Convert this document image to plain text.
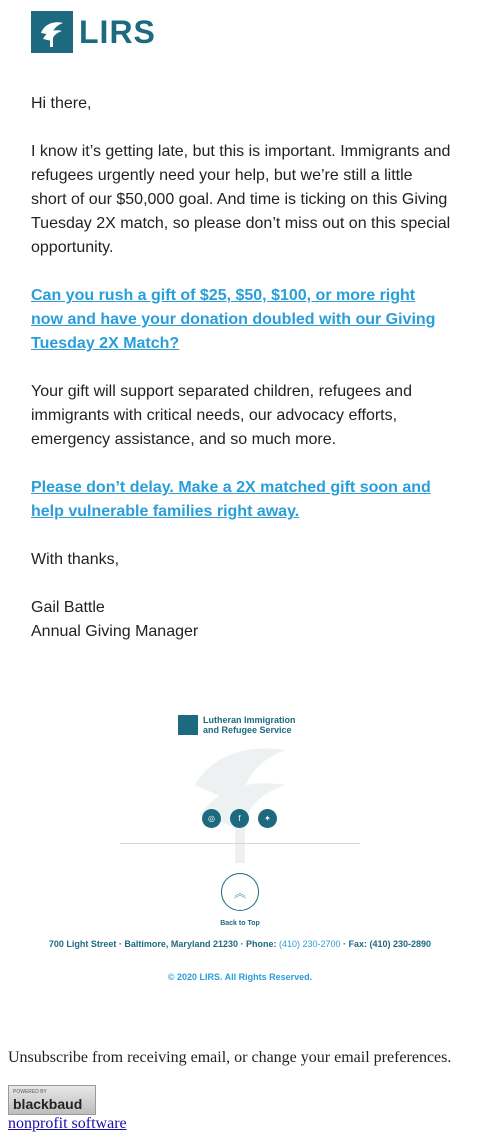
LIRS

Hi there,

I know it’s getting late, but this is important. Immigrants and refugees urgently need your help, but we’re still a little short of our $50,000 goal. And time is ticking on this Giving Tuesday 2X match, so please don’t miss out on this special opportunity.

Can you rush a gift of $25, $50, $100, or more right now and have your donation doubled with our Giving Tuesday 2X Match?

Your gift will support separated children, refugees and immigrants with critical needs, our advocacy efforts, emergency assistance, and so much more.

Please don’t delay. Make a 2X matched gift soon and help vulnerable families right away.

With thanks,

Gail Battle
Annual Giving Manager
Lutheran Immigration
and Refugee Service
◎	f	✦
︽
Back to Top
700 Light Street · Baltimore, Maryland 21230 · Phone: (410) 230-2700 · Fax: (410) 230-2890
© 2020 LIRS. All Rights Reserved.
Unsubscribe from receiving email, or change your email preferences.
POWERED BY
blackbaud
nonprofit software
